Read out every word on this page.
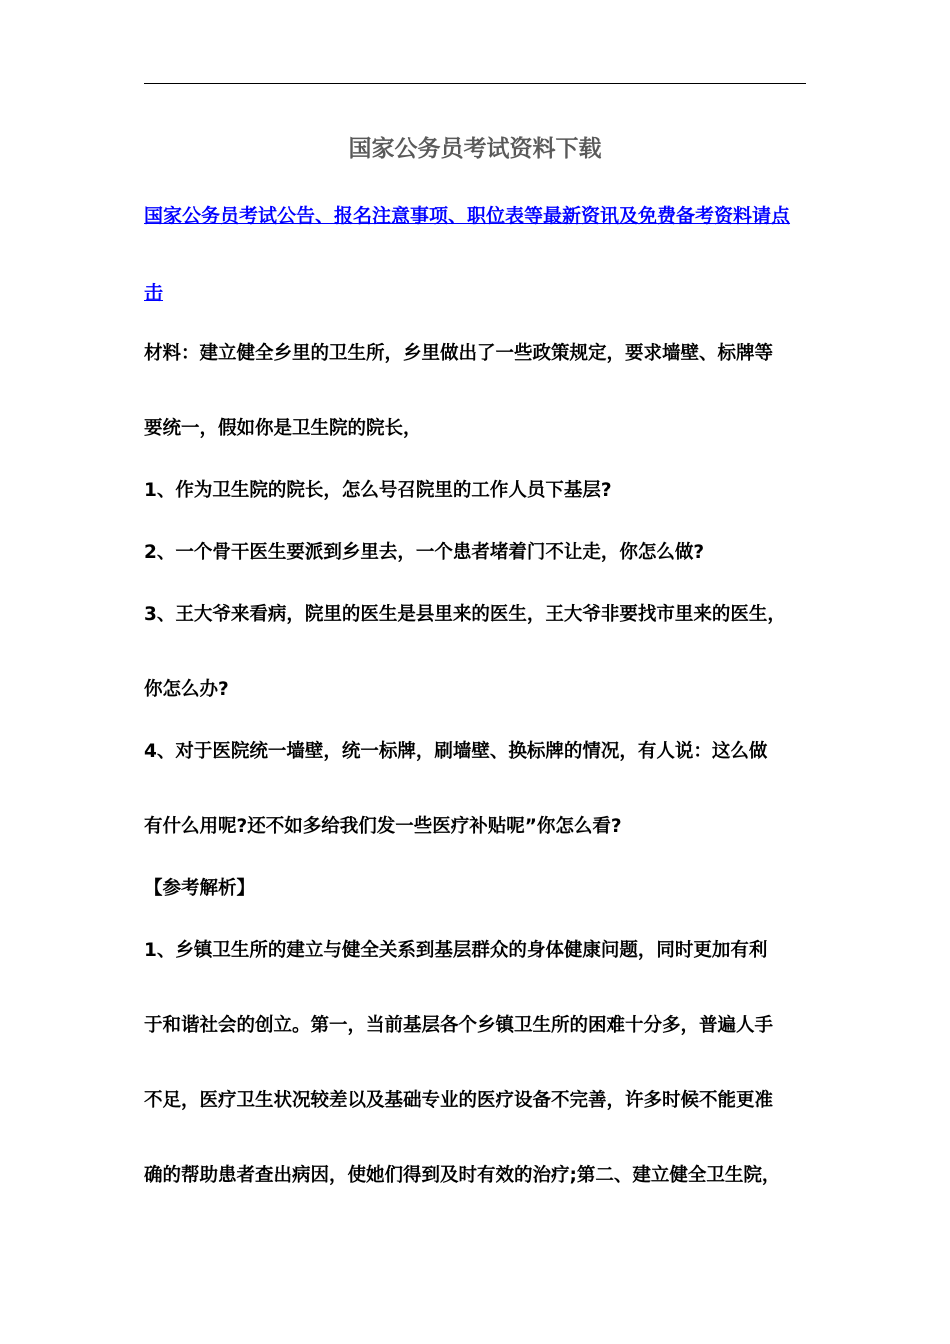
国家公务员考试资料下载
国家公务员考试公告、报名注意事项、职位表等最新资讯及免费备考资料请点
击
材料：建立健全乡里的卫生所，乡里做出了一些政策规定，要求墙壁、标牌等
要统一，假如你是卫生院的院长，
1、作为卫生院的院长，怎么号召院里的工作人员下基层?
2、一个骨干医生要派到乡里去，一个患者堵着门不让走，你怎么做?
3、王大爷来看病，院里的医生是县里来的医生，王大爷非要找市里来的医生，
你怎么办?
4、对于医院统一墙壁，统一标牌，刷墙壁、换标牌的情况，有人说：这么做
有什么用呢?还不如多给我们发一些医疗补贴呢”你怎么看?
【参考解析】
1、乡镇卫生所的建立与健全关系到基层群众的身体健康问题，同时更加有利
于和谐社会的创立。第一，当前基层各个乡镇卫生所的困难十分多，普遍人手
不足，医疗卫生状况较差以及基础专业的医疗设备不完善，许多时候不能更准
确的帮助患者查出病因，使她们得到及时有效的治疗;第二、建立健全卫生院，
